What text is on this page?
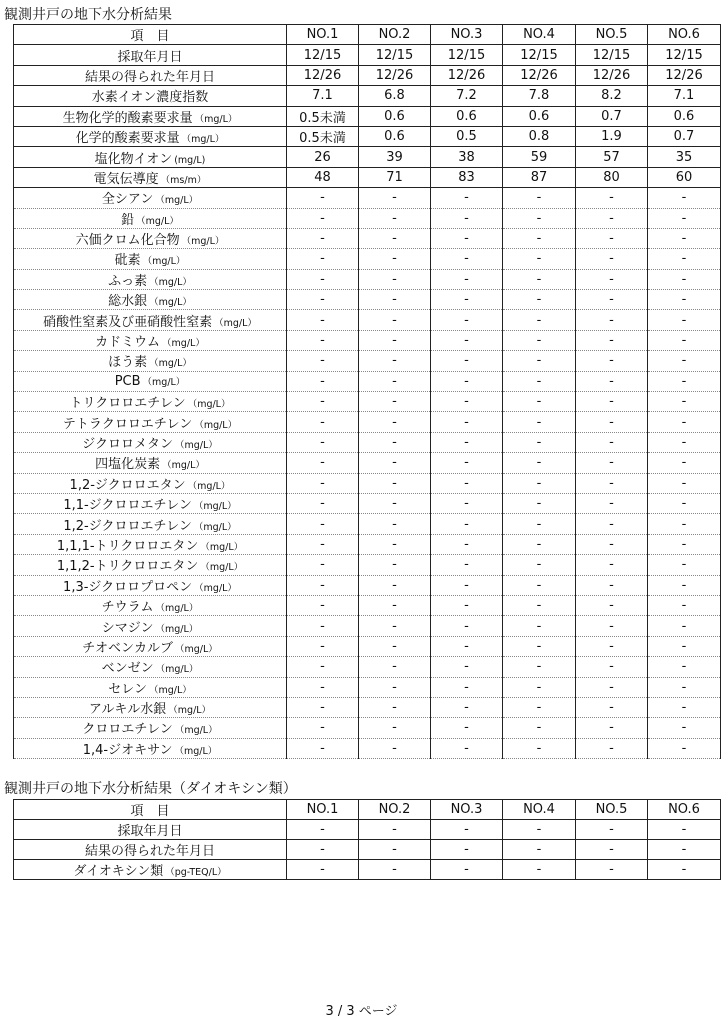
観測井戸の地下水分析結果
項　目	NO.1	NO.2	NO.3	NO.4	NO.5	NO.6
採取年月日	12/15	12/15	12/15	12/15	12/15	12/15
結果の得られた年月日	12/26	12/26	12/26	12/26	12/26	12/26
水素イオン濃度指数	7.1	6.8	7.2	7.8	8.2	7.1
生物化学的酸素要求量 （mg/L）	0.5未満	0.6	0.6	0.6	0.7	0.6
化学的酸素要求量 （mg/L）	0.5未満	0.6	0.5	0.8	1.9	0.7
塩化物イオン (mg/L)	26	39	38	59	57	35
電気伝導度 （ms/m）	48	71	83	87	80	60
全シアン （mg/L）	-	-	-	-	-	-
鉛 （mg/L）	-	-	-	-	-	-
六価クロム化合物 （mg/L）	-	-	-	-	-	-
砒素 （mg/L）	-	-	-	-	-	-
ふっ素 （mg/L）	-	-	-	-	-	-
総水銀 （mg/L）	-	-	-	-	-	-
硝酸性窒素及び亜硝酸性窒素 （mg/L）	-	-	-	-	-	-
カドミウム （mg/L）	-	-	-	-	-	-
ほう素 （mg/L）	-	-	-	-	-	-
PCB （mg/L）	-	-	-	-	-	-
トリクロロエチレン （mg/L）	-	-	-	-	-	-
テトラクロロエチレン （mg/L）	-	-	-	-	-	-
ジクロロメタン （mg/L）	-	-	-	-	-	-
四塩化炭素 （mg/L）	-	-	-	-	-	-
1,2-ジクロロエタン （mg/L）	-	-	-	-	-	-
1,1-ジクロロエチレン （mg/L）	-	-	-	-	-	-
1,2-ジクロロエチレン （mg/L）	-	-	-	-	-	-
1,1,1-トリクロロエタン （mg/L）	-	-	-	-	-	-
1,1,2-トリクロロエタン （mg/L）	-	-	-	-	-	-
1,3-ジクロロプロペン （mg/L）	-	-	-	-	-	-
チウラム （mg/L）	-	-	-	-	-	-
シマジン （mg/L）	-	-	-	-	-	-
チオベンカルブ （mg/L）	-	-	-	-	-	-
ベンゼン （mg/L）	-	-	-	-	-	-
セレン （mg/L）	-	-	-	-	-	-
アルキル水銀 （mg/L）	-	-	-	-	-	-
クロロエチレン （mg/L）	-	-	-	-	-	-
1,4-ジオキサン （mg/L）	-	-	-	-	-	-
観測井戸の地下水分析結果（ダイオキシン類）
項　目	NO.1	NO.2	NO.3	NO.4	NO.5	NO.6
採取年月日	-	-	-	-	-	-
結果の得られた年月日	-	-	-	-	-	-
ダイオキシン類 （pg-TEQ/L）	-	-	-	-	-	-
3 / 3 ページ
